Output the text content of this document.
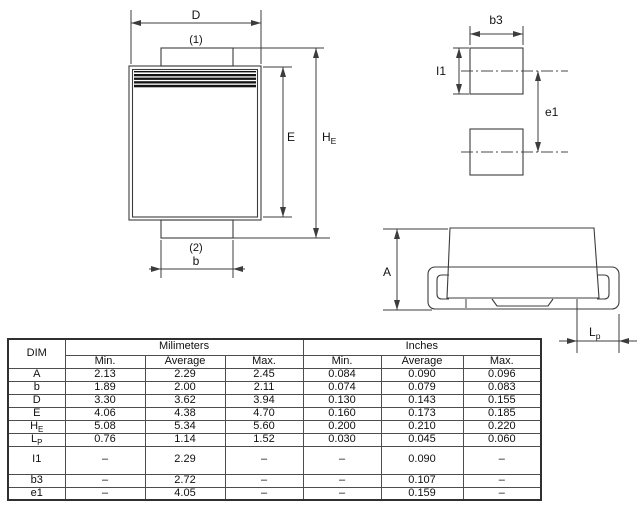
D
(1)
E $H_E$
(2)
b
b3
I1
e1
A
$L_p$
DIM	Milimeters			Inches		
	Min.	Average	Max.	Min.	Average	Max.
A	2.13	2.29	2.45	0.084	0.090	0.096
b	1.89	2.00	2.11	0.074	0.079	0.083
D	3.30	3.62	3.94	0.130	0.143	0.155
E	4.06	4.38	4.70	0.160	0.173	0.185
$H_E$	5.08	5.34	5.60	0.200	0.210	0.220
$L_P$	0.76	1.14	1.52	0.030	0.045	0.060
I1	–	2.29	–	–	0.090	–
b3	–	2.72	–	–	0.107	–
e1	–	4.05	–	–	0.159	–
